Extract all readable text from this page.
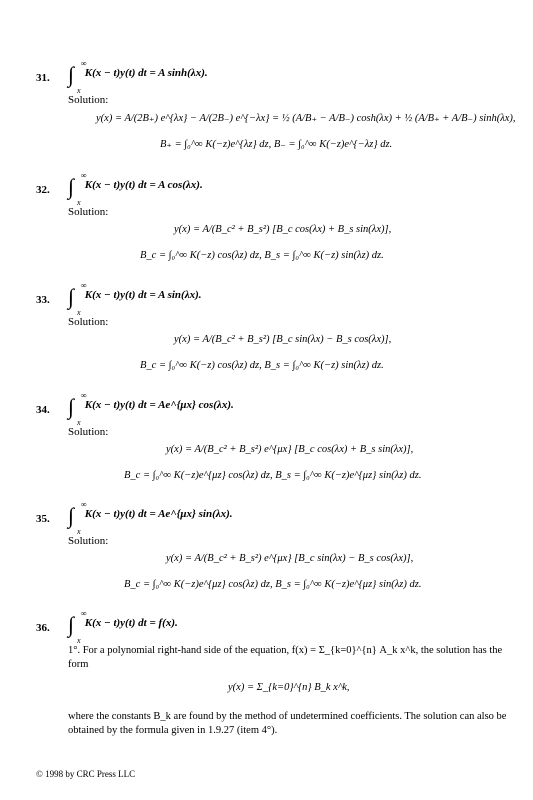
31. ∫ ∞
x
K(x − t)y(t) dt = A sinh(λx).
Solution:
y(x) = A/(2B₊) e^{λx} − A/(2B₋) e^{−λx} = ½ (A/B₊ − A/B₋) cosh(λx) + ½ (A/B₊ + A/B₋) sinh(λx),
B₊ = ∫₀^∞ K(−z)e^{λz} dz, B₋ = ∫₀^∞ K(−z)e^{−λz} dz.
32. ∫ ∞
x
K(x − t)y(t) dt = A cos(λx).
Solution:
y(x) = A/(B_c² + B_s²) [B_c cos(λx) + B_s sin(λx)],
B_c = ∫₀^∞ K(−z) cos(λz) dz, B_s = ∫₀^∞ K(−z) sin(λz) dz.
33. ∫ ∞
x
K(x − t)y(t) dt = A sin(λx).
Solution:
y(x) = A/(B_c² + B_s²) [B_c sin(λx) − B_s cos(λx)],
B_c = ∫₀^∞ K(−z) cos(λz) dz, B_s = ∫₀^∞ K(−z) sin(λz) dz.
34. ∫ ∞
x
K(x − t)y(t) dt = Ae^{μx} cos(λx).
Solution:
y(x) = A/(B_c² + B_s²) e^{μx} [B_c cos(λx) + B_s sin(λx)],
B_c = ∫₀^∞ K(−z)e^{μz} cos(λz) dz, B_s = ∫₀^∞ K(−z)e^{μz} sin(λz) dz.
35. ∫ ∞
x
K(x − t)y(t) dt = Ae^{μx} sin(λx).
Solution:
y(x) = A/(B_c² + B_s²) e^{μx} [B_c sin(λx) − B_s cos(λx)],
B_c = ∫₀^∞ K(−z)e^{μz} cos(λz) dz, B_s = ∫₀^∞ K(−z)e^{μz} sin(λz) dz.
36. ∫ ∞
x
K(x − t)y(t) dt = f(x).
1°. For a polynomial right-hand side of the equation, f(x) = Σ_{k=0}^{n} A_k x^k, the solution has the form
y(x) = Σ_{k=0}^{n} B_k x^k,
where the constants B_k are found by the method of undetermined coefficients. The solution can also be obtained by the formula given in 1.9.27 (item 4°).
© 1998 by CRC Press LLC
